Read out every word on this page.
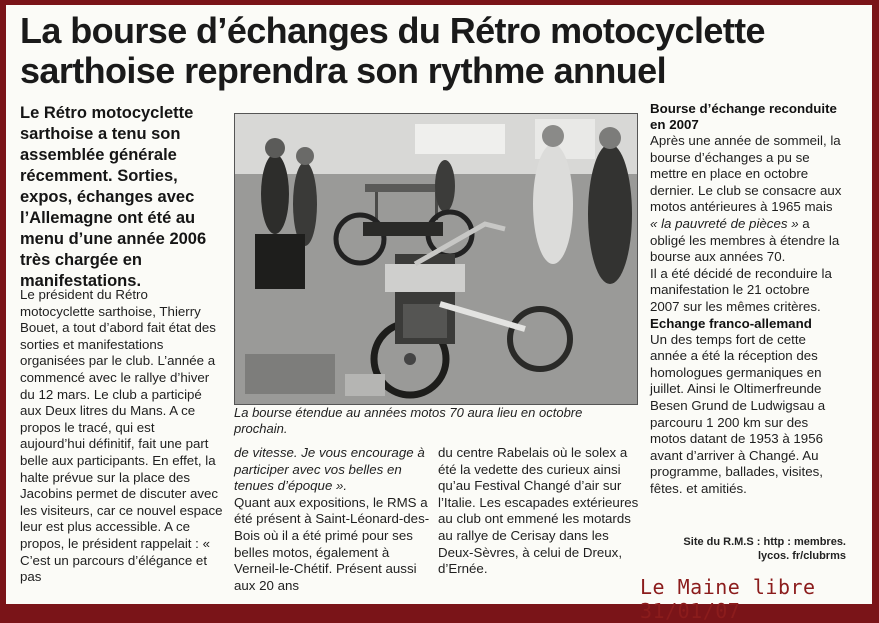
La bourse d’échanges du Rétro motocyclette sarthoise reprendra son rythme annuel

Le Rétro motocyclette sarthoise a tenu son assemblée générale récemment. Sorties, expos, échanges avec l’Allemagne ont été au menu d’une année 2006 très chargée en manifestations.

Le président du Rétro motocyclette sarthoise, Thierry Bouet, a tout d’abord fait état des sorties et manifestations organisées par le club. L’année a commencé avec le rallye d’hiver du 12 mars. Le club a participé aux Deux litres du Mans. A ce propos le tracé, qui est aujourd’hui définitif, fait une part belle aux participants. En effet, la halte prévue sur la place des Jacobins permet de discuter avec les visiteurs, car ce nouvel espace leur est plus accessible. A ce propos, le président rappelait : « C’est un parcours d’élégance et pas

La bourse étendue au années motos 70 aura lieu en octobre prochain.

de vitesse. Je vous encourage à participer avec vos belles en tenues d’époque ».

Quant aux expositions, le RMS a été présent à Saint-Léonard-des-Bois où il a été primé pour ses belles motos, également à Verneil-le-Chétif. Présent aussi aux 20 ans

du centre Rabelais où le solex a été la vedette des curieux ainsi qu’au Festival Changé d’air sur l’Italie. Les escapades extérieures au club ont emmené les motards au rallye de Cerisay dans les Deux-Sèvres, à celui de Dreux, d’Ernée.

Bourse d’échange reconduite en 2007

Après une année de sommeil, la bourse d’échanges a pu se mettre en place en octobre dernier. Le club se consacre aux motos antérieures à 1965 mais « la pauvreté de pièces » a obligé les membres à étendre la bourse aux années 70.

Il a été décidé de reconduire la manifestation le 21 octobre 2007 sur les mêmes critères.

Echange franco-allemand

Un des temps fort de cette année a été la réception des homologues germaniques en juillet. Ainsi le Oltimerfreunde Besen Grund de Ludwigsau a parcouru 1 200 km sur des motos datant de 1953 à 1956 avant d’arriver à Changé. Au programme, ballades, visites, fêtes. et amitiés.

Site du R.M.S : http : membres. lycos. fr/clubrms

Le Maine libre 31/01/07
